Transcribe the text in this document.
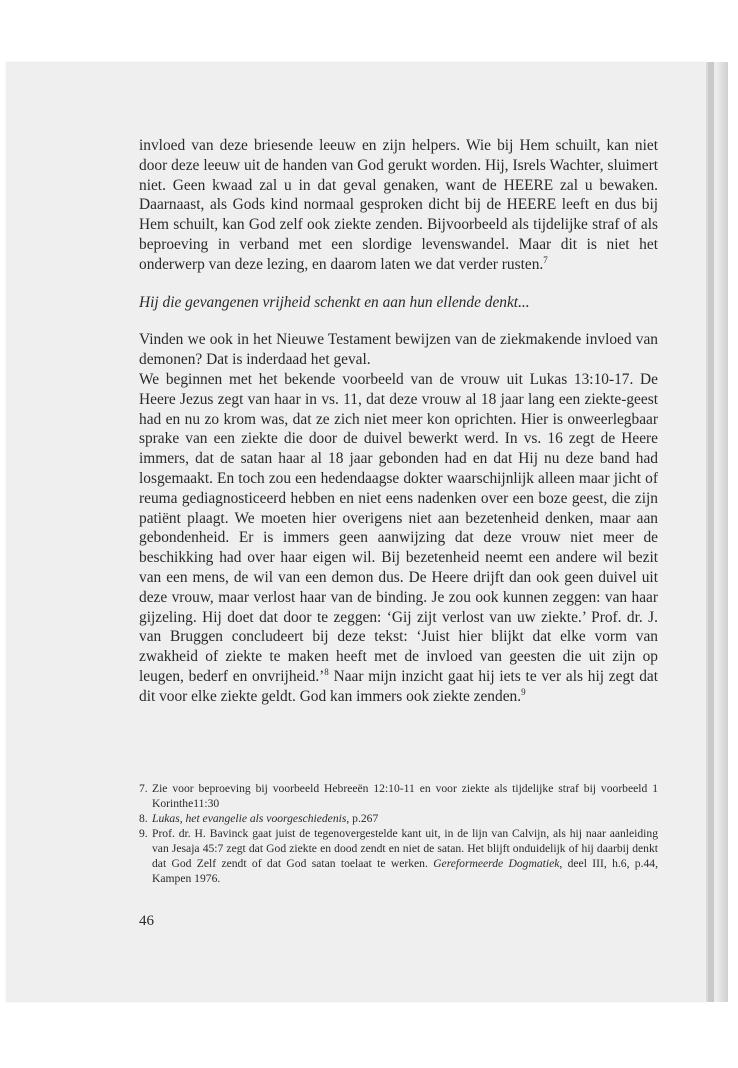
invloed van deze briesende leeuw en zijn helpers. Wie bij Hem schuilt, kan niet door deze leeuw uit de handen van God gerukt worden. Hij, Isrels Wachter, sluimert niet. Geen kwaad zal u in dat geval genaken, want de HEERE zal u bewaken. Daarnaast, als Gods kind normaal gesproken dicht bij de HEERE leeft en dus bij Hem schuilt, kan God zelf ook ziekte zenden. Bijvoorbeeld als tijdelijke straf of als beproeving in verband met een slordige levenswandel. Maar dit is niet het onderwerp van deze lezing, en daarom laten we dat verder rusten.$^7$

Hij die gevangenen vrijheid schenkt en aan hun ellende denkt...

Vinden we ook in het Nieuwe Testament bewijzen van de ziekmakende invloed van demonen? Dat is inderdaad het geval.

We beginnen met het bekende voorbeeld van de vrouw uit Lukas 13:10-17. De Heere Jezus zegt van haar in vs. 11, dat deze vrouw al 18 jaar lang een ziekte-geest had en nu zo krom was, dat ze zich niet meer kon oprichten. Hier is onweerlegbaar sprake van een ziekte die door de duivel bewerkt werd. In vs. 16 zegt de Heere immers, dat de satan haar al 18 jaar gebonden had en dat Hij nu deze band had losgemaakt. En toch zou een hedendaagse dokter waarschijnlijk alleen maar jicht of reuma gediagnosticeerd hebben en niet eens nadenken over een boze geest, die zijn patiënt plaagt. We moeten hier overigens niet aan bezetenheid denken, maar aan gebondenheid. Er is immers geen aanwijzing dat deze vrouw niet meer de beschikking had over haar eigen wil. Bij bezetenheid neemt een andere wil bezit van een mens, de wil van een demon dus. De Heere drijft dan ook geen duivel uit deze vrouw, maar verlost haar van de binding. Je zou ook kunnen zeggen: van haar gijzeling. Hij doet dat door te zeggen: ‘Gij zijt verlost van uw ziekte.’ Prof. dr. J. van Bruggen concludeert bij deze tekst: ‘Juist hier blijkt dat elke vorm van zwakheid of ziekte te maken heeft met de invloed van geesten die uit zijn op leugen, bederf en onvrijheid.’$^8$ Naar mijn inzicht gaat hij iets te ver als hij zegt dat dit voor elke ziekte geldt. God kan immers ook ziekte zenden.$^9$

7. Zie voor beproeving bij voorbeeld Hebreeën 12:10-11 en voor ziekte als tijdelijke straf bij voorbeeld 1 Korinthe11:30
8. Lukas, het evangelie als voorgeschiedenis, p.267
9. Prof. dr. H. Bavinck gaat juist de tegenovergestelde kant uit, in de lijn van Calvijn, als hij naar aanleiding van Jesaja 45:7 zegt dat God ziekte en dood zendt en niet de satan. Het blijft onduidelijk of hij daarbij denkt dat God Zelf zendt of dat God satan toelaat te werken. Gereformeerde Dogmatiek, deel III, h.6, p.44, Kampen 1976.
46
